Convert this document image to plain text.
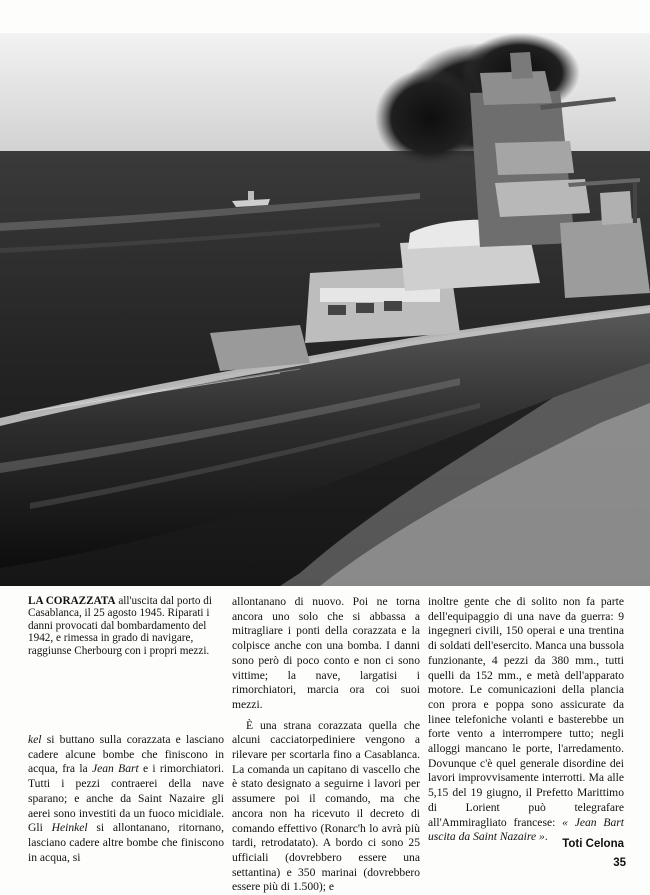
LA CORAZZATA all'uscita dal porto di Casablanca, il 25 agosto 1945. Riparati i danni provocati dal bombardamento del 1942, e rimessa in grado di navigare, raggiunse Cherbourg con i propri mezzi.

kel si buttano sulla corazzata e lasciano cadere alcune bombe che finiscono in acqua, fra la Jean Bart e i rimorchiatori. Tutti i pezzi contraerei della nave sparano; e anche da Saint Nazaire gli aerei sono investiti da un fuoco micidiale. Gli Heinkel si allontanano, ritornano, lasciano cadere altre bombe che finiscono in acqua, si

allontanano di nuovo. Poi ne torna ancora uno solo che si abbassa a mitragliare i ponti della corazzata e la colpisce anche con una bomba. I danni sono però di poco conto e non ci sono vittime; la nave, largatisi i rimorchiatori, marcia ora coi suoi mezzi.

È una strana corazzata quella che alcuni cacciatorpediniere vengono a rilevare per scortarla fino a Casablanca. La comanda un capitano di vascello che è stato designato a seguirne i lavori per assumere poi il comando, ma che ancora non ha ricevuto il decreto di comando effettivo (Ronarc'h lo avrà più tardi, retrodatato). A bordo ci sono 25 ufficiali (dovrebbero essere una settantina) e 350 marinai (dovrebbero essere più di 1.500); e

inoltre gente che di solito non fa parte dell'equipaggio di una nave da guerra: 9 ingegneri civili, 150 operai e una trentina di soldati dell'esercito. Manca una bussola funzionante, 4 pezzi da 380 mm., tutti quelli da 152 mm., e metà dell'apparato motore. Le comunicazioni della plancia con prora e poppa sono assicurate da linee telefoniche volanti e basterebbe un forte vento a interrompere tutto; negli alloggi mancano le porte, l'arredamento. Dovunque c'è quel generale disordine dei lavori improvvisamente interrotti. Ma alle 5,15 del 19 giugno, il Prefetto Marittimo di Lorient può telegrafare all'Ammiragliato francese: « Jean Bart uscita da Saint Nazaire ».

Toti Celona
35
